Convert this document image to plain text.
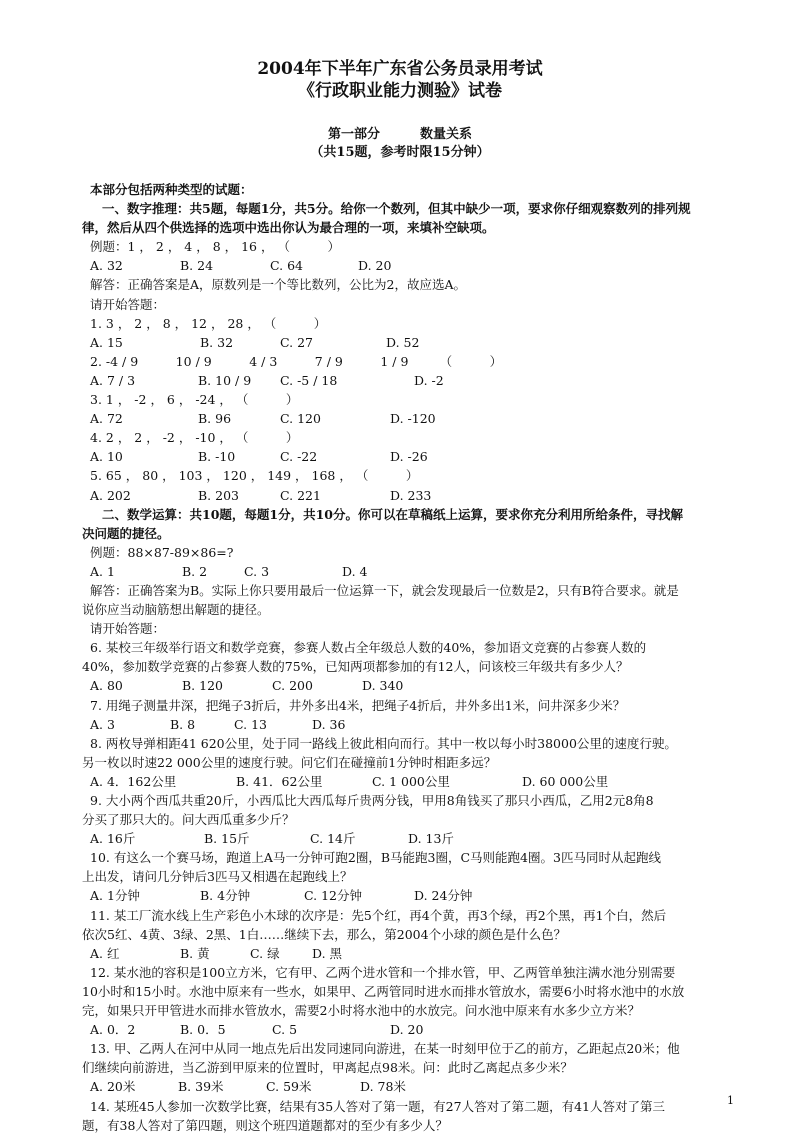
2004年下半年广东省公务员录用考试
《行政职业能力测验》试卷
第一部分	数量关系
（共15题，参考时限15分钟）
本部分包括两种类型的试题：
一、数字推理：共5题，每题1分，共5分。给你一个数列，但其中缺少一项，要求你仔细观察数列的排列规
律，然后从四个供选择的选项中选出你认为最合理的一项，来填补空缺项。
例题：1 ， 2 ， 4 ， 8 ， 16 ， （　　　）
A. 32	B. 24	C. 64	D. 20
解答：正确答案是A，原数列是一个等比数列，公比为2，故应选A。
请开始答题：
1. 3 ， 2 ， 8 ， 12 ， 28 ， （　　　）
A. 15	B. 32	C. 27	D. 52
2. -4 / 9　　　10 / 9　　　4 / 3　　　7 / 9　　　1 / 9　　　（　　　）
A. 7 / 3	B. 10 / 9 C. -5 / 18	D. -2
3. 1 ， -2 ， 6 ， -24 ， （　　　）
A. 72	B. 96	C. 120	D. -120
4. 2 ， 2 ， -2 ， -10 ， （　　　）
A. 10	B. -10	C. -22	D. -26
5. 65 ， 80 ， 103 ， 120 ， 149 ， 168 ， （　　　）
A. 202	B. 203	C. 221	D. 233
二、数学运算：共10题，每题1分，共10分。你可以在草稿纸上运算，要求你充分利用所给条件，寻找解
决问题的捷径。
例题：88×87-89×86=?
A. 1	B. 2	C. 3	D. 4
解答：正确答案为B。实际上你只要用最后一位运算一下，就会发现最后一位数是2，只有B符合要求。就是
说你应当动脑筋想出解题的捷径。
请开始答题：
6. 某校三年级举行语文和数学竞赛，参赛人数占全年级总人数的40%，参加语文竞赛的占参赛人数的
40%，参加数学竞赛的占参赛人数的75%，已知两项都参加的有12人，问该校三年级共有多少人？
A. 80	B. 120	C. 200	D. 340
7. 用绳子测量井深，把绳子3折后，井外多出4米，把绳子4折后，井外多出1米，问井深多少米？
A. 3	B. 8	C. 13	D. 36
8. 两枚导弹相距41 620公里，处于同一路线上彼此相向而行。其中一枚以每小时38000公里的速度行驶。
另一枚以时速22 000公里的速度行驶。问它们在碰撞前1分钟时相距多远？
A. 4．162公里	B. 41．62公里	C. 1 000公里	D. 60 000公里
9. 大小两个西瓜共重20斤，小西瓜比大西瓜每斤贵两分钱，甲用8角钱买了那只小西瓜，乙用2元8角8
分买了那只大的。问大西瓜重多少斤？
A. 16斤	B. 15斤	C. 14斤	D. 13斤
10. 有这么一个赛马场，跑道上A马一分钟可跑2圈，B马能跑3圈，C马则能跑4圈。3匹马同时从起跑线
上出发，请问几分钟后3匹马又相遇在起跑线上？
A. 1分钟	B. 4分钟	C. 12分钟	D. 24分钟
11. 某工厂流水线上生产彩色小木球的次序是：先5个红，再4个黄，再3个绿，再2个黑，再1个白，然后
依次5红、4黄、3绿、2黑、1白……继续下去，那么，第2004个小球的颜色是什么色？
A. 红	B. 黄	C. 绿	D. 黑
12. 某水池的容积是100立方米，它有甲、乙两个进水管和一个排水管，甲、乙两管单独注满水池分别需要
10小时和15小时。水池中原来有一些水，如果甲、乙两管同时进水而排水管放水，需要6小时将水池中的水放
完，如果只开甲管进水而排水管放水，需要2小时将水池中的水放完。问水池中原来有水多少立方米？
A. 0．2	B. 0．5	C. 5	D. 20
13. 甲、乙两人在河中从同一地点先后出发同速同向游进，在某一时刻甲位于乙的前方，乙距起点20米；他
们继续向前游进，当乙游到甲原来的位置时，甲离起点98米。问：此时乙离起点多少米？
A. 20米	B. 39米	C. 59米	D. 78米
14. 某班45人参加一次数学比赛，结果有35人答对了第一题，有27人答对了第二题，有41人答对了第三
题，有38人答对了第四题，则这个班四道题都对的至少有多少人？
1
